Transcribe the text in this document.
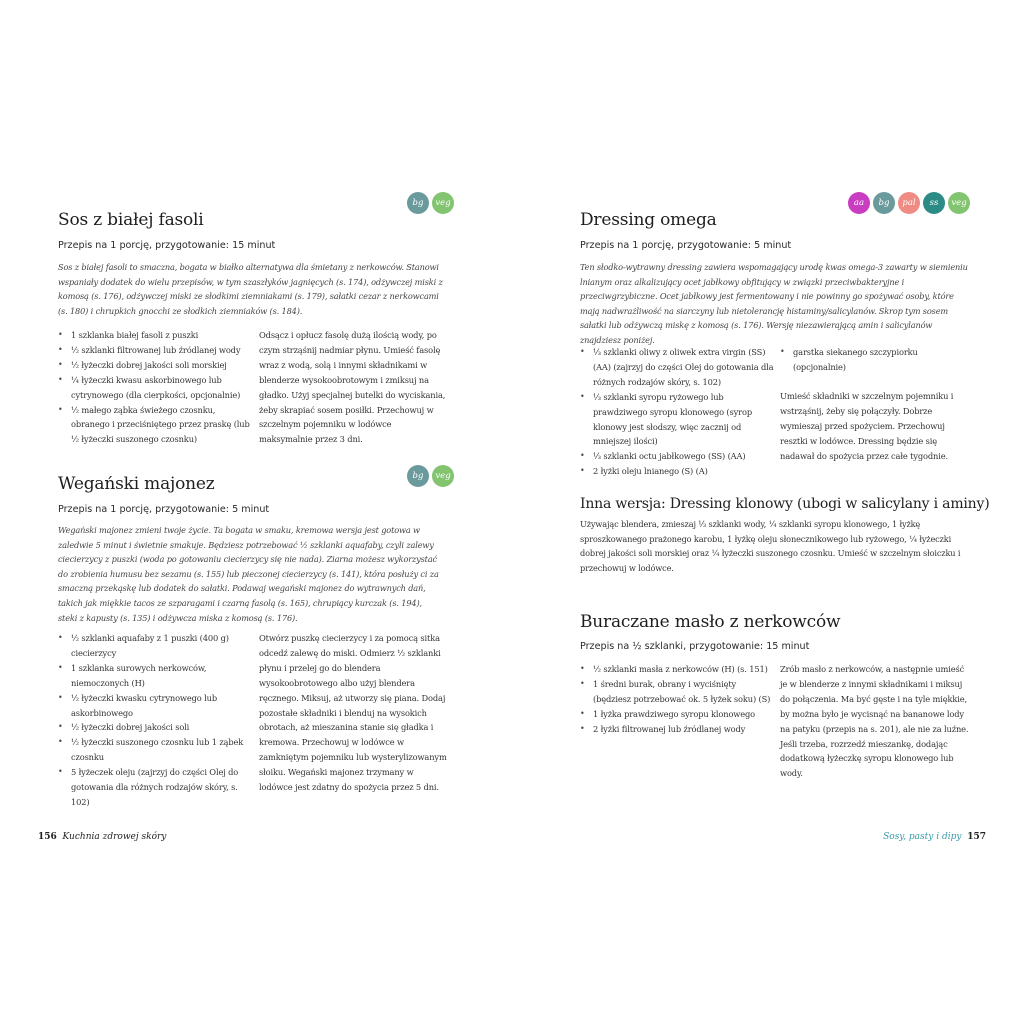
bg	veg
Sos z białej fasoli

Przepis na 1 porcję, przygotowanie: 15 minut

Sos z białej fasoli to smaczna, bogata w białko alternatywa dla śmietany z nerkowców. Stanowi wspaniały dodatek do wielu przepisów, w tym szaszłyków jagnięcych (s. 174), odżywczej miski z komosą (s. 176), odżywczej miski ze słodkimi ziemniakami (s. 179), sałatki cezar z nerkowcami (s. 180) i chrupkich gnocchi ze słodkich ziemniaków (s. 184).

• 1 szklanka białej fasoli z puszki
• ½ szklanki filtrowanej lub źródlanej wody
• ½ łyżeczki dobrej jakości soli morskiej
• ¼ łyżeczki kwasu askorbinowego lub cytrynowego (dla cierpkości, opcjonalnie)
• ½ małego ząbka świeżego czosnku, obranego i przeciśniętego przez praskę (lub ½ łyżeczki suszonego czosnku)

Odsącz i opłucz fasolę dużą ilością wody, po czym strząśnij nadmiar płynu. Umieść fasolę wraz z wodą, solą i innymi składnikami w blenderze wysokoobrotowym i zmiksuj na gładko. Użyj specjalnej butelki do wyciskania, żeby skrapiać sosem posiłki. Przechowuj w szczelnym pojemniku w lodówce maksymalnie przez 3 dni.

bg	veg
Wegański majonez

Przepis na 1 porcję, przygotowanie: 5 minut

Wegański majonez zmieni twoje życie. Ta bogata w smaku, kremowa wersja jest gotowa w zaledwie 5 minut i świetnie smakuje. Będziesz potrzebować ½ szklanki aquafaby, czyli zalewy ciecierzycy z puszki (woda po gotowaniu ciecierzycy się nie nada). Ziarna możesz wykorzystać do zrobienia humusu bez sezamu (s. 155) lub pieczonej ciecierzycy (s. 141), która posłuży ci za smaczną przekąskę lub dodatek do sałatki. Podawaj wegański majonez do wytrawnych dań, takich jak miękkie tacos ze szparagami i czarną fasolą (s. 165), chrupiący kurczak (s. 194), steki z kapusty (s. 135) i odżywcza miska z komosą (s. 176).

• ½ szklanki aquafaby z 1 puszki (400 g) ciecierzycy
• 1 szklanka surowych nerkowców, niemoczonych (H)
• ½ łyżeczki kwasku cytrynowego lub askorbinowego
• ½ łyżeczki dobrej jakości soli
• ½ łyżeczki suszonego czosnku lub 1 ząbek czosnku
• 5 łyżeczek oleju (zajrzyj do części Olej do gotowania dla różnych rodzajów skóry, s. 102)

Otwórz puszkę ciecierzycy i za pomocą sitka odcedź zalewę do miski. Odmierz ½ szklanki płynu i przelej go do blendera wysokoobrotowego albo użyj blendera ręcznego. Miksuj, aż utworzy się piana. Dodaj pozostałe składniki i blenduj na wysokich obrotach, aż mieszanina stanie się gładka i kremowa. Przechowuj w lodówce w zamkniętym pojemniku lub wysterylizowanym słoiku. Wegański majonez trzymany w lodówce jest zdatny do spożycia przez 5 dni.

156 Kuchnia zdrowej skóry

aa	bg	pal	ss	veg
Dressing omega

Przepis na 1 porcję, przygotowanie: 5 minut

Ten słodko-wytrawny dressing zawiera wspomagający urodę kwas omega-3 zawarty w siemieniu lnianym oraz alkalizujący ocet jabłkowy obfitujący w związki przeciwbakteryjne i przeciwgrzybiczne. Ocet jabłkowy jest fermentowany i nie powinny go spożywać osoby, które mają nadwrażliwość na siarczyny lub nietolerancję histaminy/salicylanów. Skrop tym sosem sałatki lub odżywczą miskę z komosą (s. 176). Wersję niezawierającą amin i salicylanów znajdziesz poniżej.

• ⅓ szklanki oliwy z oliwek extra virgin (SS) (AA) (zajrzyj do części Olej do gotowania dla różnych rodzajów skóry, s. 102)
• ⅓ szklanki syropu ryżowego lub prawdziwego syropu klonowego (syrop klonowy jest słodszy, więc zacznij od mniejszej ilości)
• ⅓ szklanki octu jabłkowego (SS) (AA)
• 2 łyżki oleju lnianego (S) (A)
• garstka siekanego szczypiorku (opcjonalnie)

Umieść składniki w szczelnym pojemniku i wstrząśnij, żeby się połączyły. Dobrze wymieszaj przed spożyciem. Przechowuj resztki w lodówce. Dressing będzie się nadawał do spożycia przez całe tygodnie.

Inna wersja: Dressing klonowy (ubogi w salicylany i aminy)

Używając blendera, zmieszaj ⅓ szklanki wody, ¼ szklanki syropu klonowego, 1 łyżkę sproszkowanego prażonego karobu, 1 łyżkę oleju słonecznikowego lub ryżowego, ¼ łyżeczki dobrej jakości soli morskiej oraz ¼ łyżeczki suszonego czosnku. Umieść w szczelnym słoiczku i przechowuj w lodówce.

Buraczane masło z nerkowców

Przepis na ½ szklanki, przygotowanie: 15 minut

• ½ szklanki masła z nerkowców (H) (s. 151)
• 1 średni burak, obrany i wyciśnięty (będziesz potrzebować ok. 5 łyżek soku) (S)
• 1 łyżka prawdziwego syropu klonowego
• 2 łyżki filtrowanej lub źródlanej wody

Zrób masło z nerkowców, a następnie umieść je w blenderze z innymi składnikami i miksuj do połączenia. Ma być gęste i na tyle miękkie, by można było je wycisnąć na bananowe lody na patyku (przepis na s. 201), ale nie za luźne. Jeśli trzeba, rozrzedź mieszankę, dodając dodatkową łyżeczkę syropu klonowego lub wody.

Sosy, pasty i dipy 157
